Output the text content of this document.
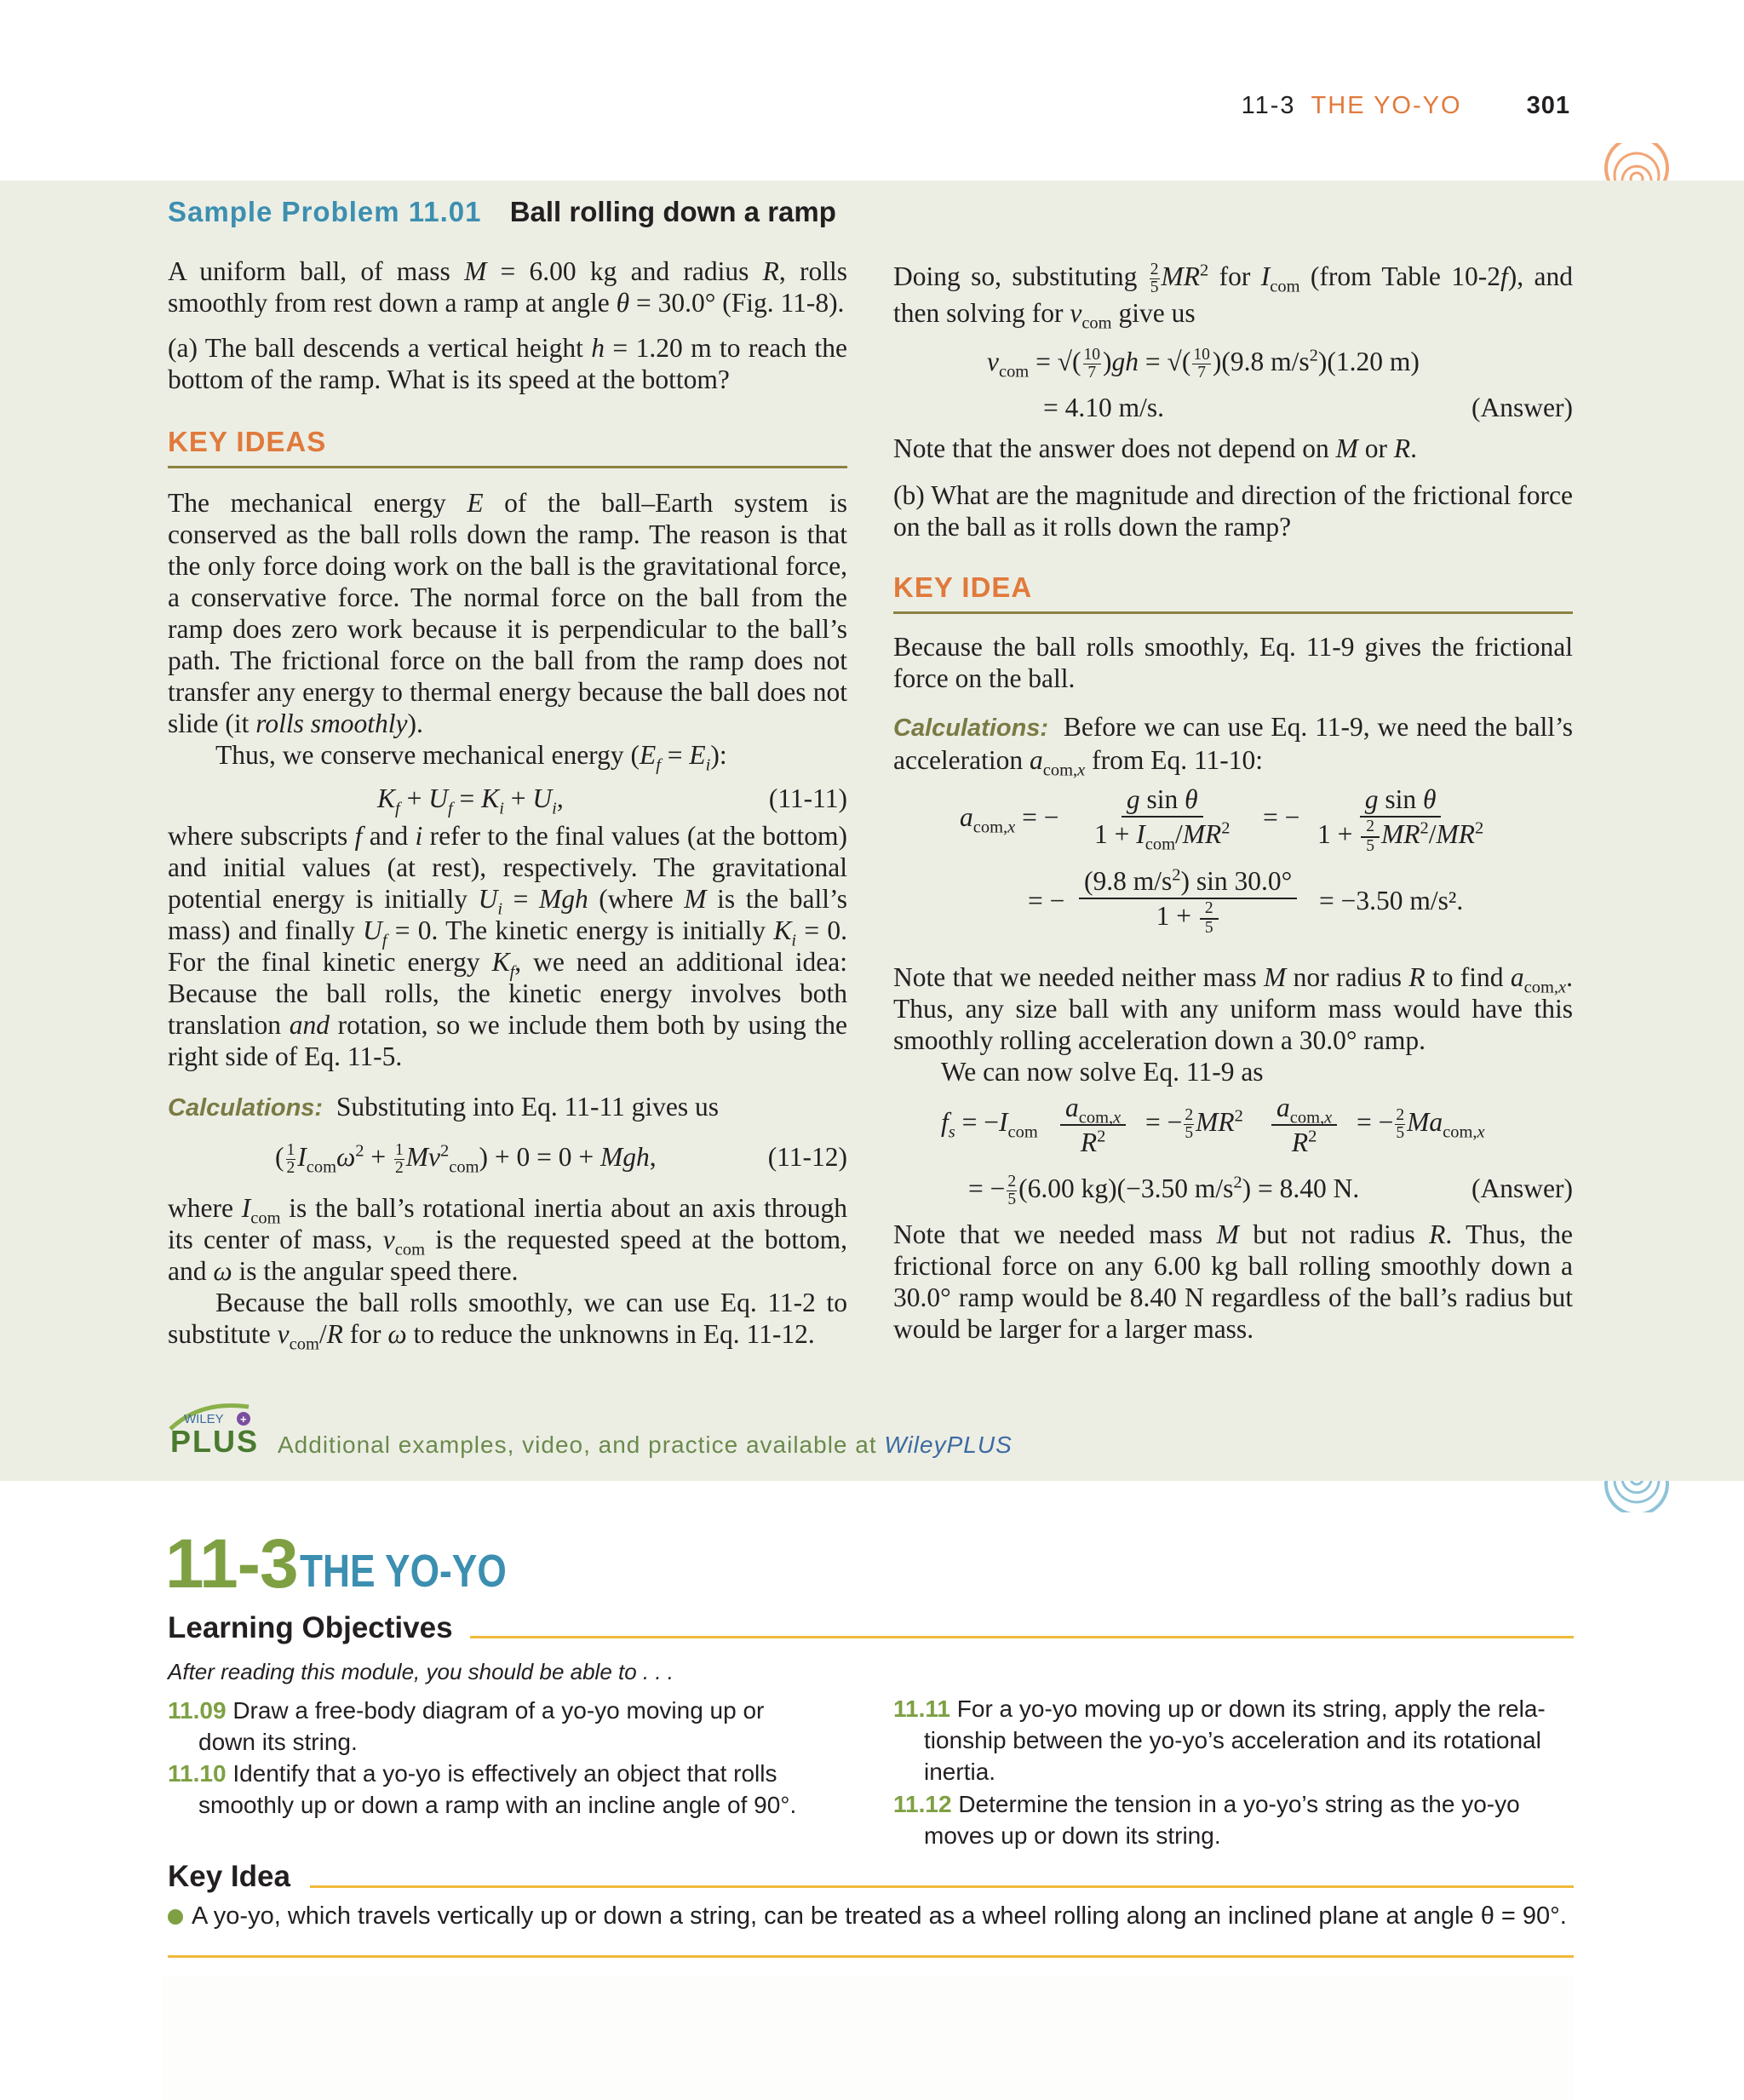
11-3 THE YO-YO	301
Sample Problem 11.01 Ball rolling down a ramp

A uniform ball, of mass M = 6.00 kg and radius R, rolls smoothly from rest down a ramp at angle θ = 30.0° (Fig. 11-8).

(a) The ball descends a vertical height h = 1.20 m to reach the bottom of the ramp. What is its speed at the bottom?

KEY IDEAS

The mechanical energy E of the ball–Earth system is conserved as the ball rolls down the ramp. The reason is that the only force doing work on the ball is the gravitational force, a conservative force. The normal force on the ball from the ramp does zero work because it is perpendicular to the ball’s path. The frictional force on the ball from the ramp does not transfer any energy to thermal energy because the ball does not slide (it rolls smoothly).

Thus, we conserve mechanical energy $(E_f = E_i)$:

$K_f + U_f = K_i + U_i$,	(11-11)

where subscripts f and i refer to the final values (at the bottom) and initial values (at rest), respectively. The gravitational potential energy is initially $U_i$ = Mgh (where M is the ball’s mass) and finally $U_f = 0$. The kinetic energy is initially $K_i = 0$. For the final kinetic energy $K_f$, we need an additional idea: Because the ball rolls, the kinetic energy involves both translation and rotation, so we include them both by using the right side of Eq. 11-5.

Calculations:  Substituting into Eq. 11-11 gives us

( $\frac{1}{2} I_{com}\omega^2 + \frac{1}{2} Mv^2_{com}) + 0 = 0$ + Mgh,	(11-12)

where $I_{com}$ is the ball’s rotational inertia about an axis through its center of mass, $v_{com}$ is the requested speed at the bottom, and ω is the angular speed there.

Because the ball rolls smoothly, we can use Eq. 11-2 to substitute $v_{com}/R$ for ω to reduce the unknowns in Eq. 11-12.

Doing so, substituting $\frac{2}{5} MR^2$ for $I_{com}$ (from Table 10-2f), and then solving for $v_{com}$ give us

$v_{com}$ = √( $\frac{10}{7} )gh$ = √( $\frac{10}{7} )(9.8$ $m/s^2)(1.20$ m)
= 4.10 m/s.	(Answer)

Note that the answer does not depend on M or R.

(b) What are the magnitude and direction of the frictional force on the ball as it rolls down the ramp?

KEY IDEA

Because the ball rolls smoothly, Eq. 11-9 gives the frictional force on the ball.

Calculations:  Before we can use Eq. 11-9, we need the ball’s acceleration $a_{com,x}$ from Eq. 11-10:

$a_{com,x}$ = −
g sin θ
$1 + I_{com}/MR^2$ = −
g sin θ
$1 + \frac{2}{5} MR^2/MR^2$
= −
(9.8 $m/s^2$) sin 30.0°
$1 + \frac{2}{5}$
= −3.50 m/s².

Note that we needed neither mass M nor radius R to find $a_{com,x}$. Thus, any size ball with any uniform mass would have this smoothly rolling acceleration down a 30.0° ramp.

We can now solve Eq. 11-9 as

$f_s = -I_{com}$
$a_{com,x}$
$R^2$ = − $\frac{2}{5} MR^2$ $a_{com,x}$
$R^2$ = − $\frac{2}{5} Ma_{com,x}$
= − $\frac{2}{5} (6.00$ kg)(−3.50 $m/s^2) = 8.40$ N.	(Answer)

Note that we needed mass M but not radius R. Thus, the frictional force on any 6.00 kg ball rolling smoothly down a 30.0° ramp would be 8.40 N regardless of the ball’s radius but would be larger for a larger mass.

+
WILEY
PLUS Additional examples, video, and practice available at WileyPLUS
11-3 THE YO-YO
Learning Objectives
After reading this module, you should be able to . . .
11.09 Draw a free-body diagram of a yo-yo moving up or
down its string.
11.10 Identify that a yo-yo is effectively an object that rolls
smoothly up or down a ramp with an incline angle of 90°.
11.11 For a yo-yo moving up or down its string, apply the rela-
tionship between the yo-yo’s acceleration and its rotational
inertia.
11.12 Determine the tension in a yo-yo’s string as the yo-yo
moves up or down its string.
Key Idea
A yo-yo, which travels vertically up or down a string, can be treated as a wheel rolling along an inclined plane at angle θ = 90°.
